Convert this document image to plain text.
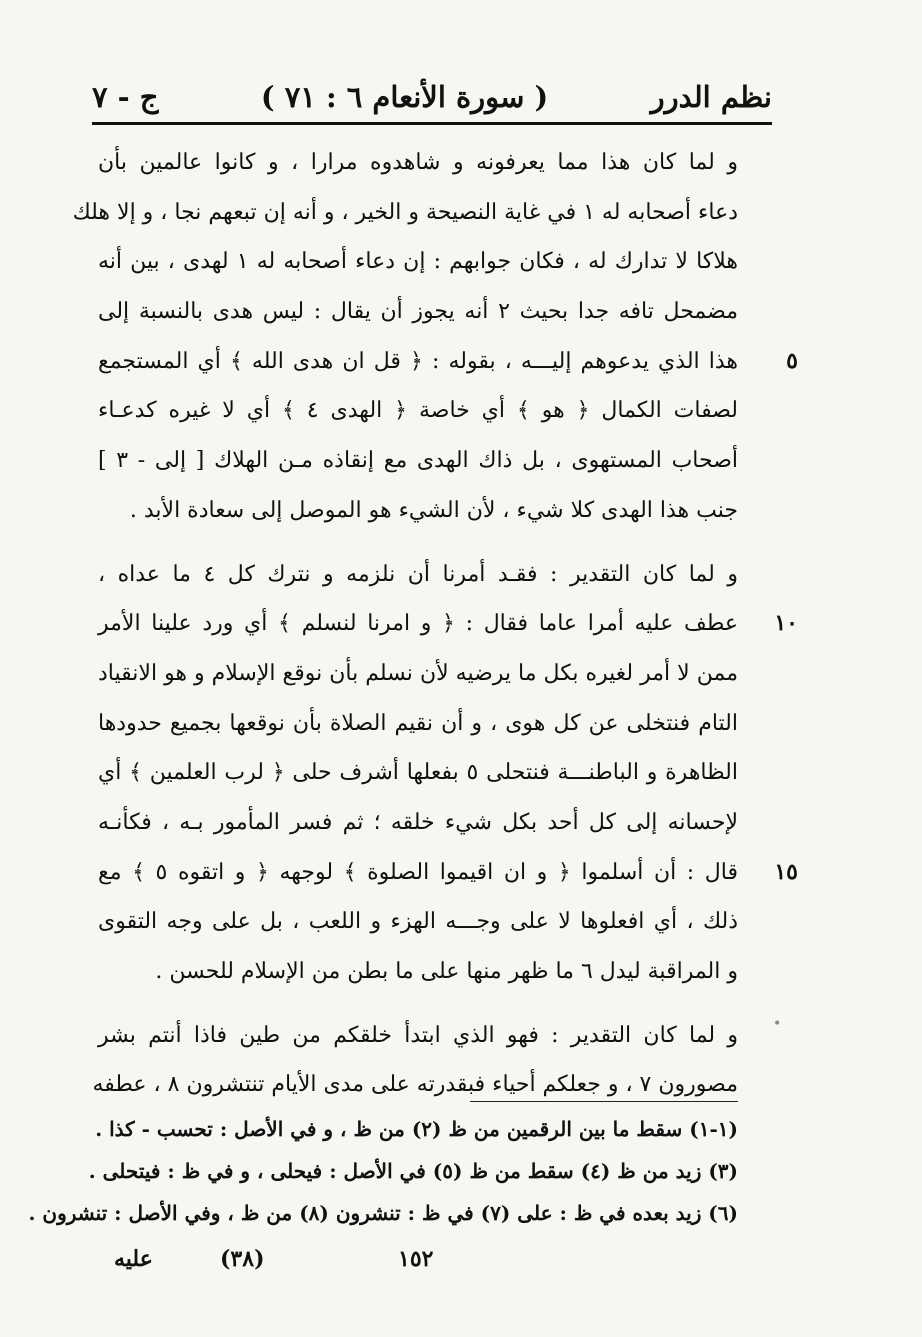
نظم الدرر
( سورة الأنعام ٦ : ٧١ )
ج - ٧
و لما كان هذا مما يعرفونه و شاهدوه مرارا ، و كانوا عالمين بأن
دعاء أصحابه له ١ في غاية النصيحة و الخير ، و أنه إن تبعهم نجا ، و إلا هلك
هلاكا لا تدارك له ، فكان جوابهم : إن دعاء أصحابه له ١ لهدى ، بين أنه
مضمحل تافه جدا بحيث ٢ أنه يجوز أن يقال : ليس هدى بالنسبة إلى
هذا الذي يدعوهم إليـــه ، بقوله : ﴿ قل ان هدى الله ﴾ أي المستجمع	٥
لصفات الكمال ﴿ هو ﴾ أي خاصة ﴿ الهدى ٤ ﴾ أي لا غيره كدعـاء
أصحاب المستهوى ، بل ذاك الهدى مع إنقاذه مـن الهلاك [ إلى - ٣ ]
جنب هذا الهدى كلا شيء ، لأن الشيء هو الموصل إلى سعادة الأبد .
و لما كان التقدير : فقـد أمرنا أن نلزمه و نترك كل ٤ ما عداه ،
عطف عليه أمرا عاما فقال : ﴿ و امرنا لنسلم ﴾ أي ورد علينا الأمر	١٠
ممن لا أمر لغيره بكل ما يرضيه لأن نسلم بأن نوقع الإسلام و هو الانقياد
التام فنتخلى عن كل هوى ، و أن نقيم الصلاة بأن نوقعها بجميع حدودها
الظاهرة و الباطنـــة فنتحلى ٥ بفعلها أشرف حلى ﴿ لرب العلمين ﴾ أي
لإحسانه إلى كل أحد بكل شيء خلقه ؛ ثم فسر المأمور بـه ، فكأنـه
قال : أن أسلموا ﴿ و ان اقيموا الصلوة ﴾ لوجهه ﴿ و اتقوه ٥ ﴾ مع	١٥
ذلك ، أي افعلوها لا على وجـــه الهزء و اللعب ، بل على وجه التقوى
و المراقبة ليدل ٦ ما ظهر منها على ما بطن من الإسلام للحسن .
و لما كان التقدير : فهو الذي ابتدأ خلقكم من طين فاذا أنتم بشر
مصورون ٧ ، و جعلكم أحياء فبقدرته على مدى الأيام تنتشرون ٨ ، عطفه
(١-١) سقط ما بين الرقمين من ظ (٢) من ظ ، و في الأصل : تحسب - كذا .
(٣) زيد من ظ (٤) سقط من ظ (٥) في الأصل : فيحلى ، و في ظ : فيتحلى .
(٦) زيد بعده في ظ : على (٧) في ظ : تنشرون (٨) من ظ ، وفي الأصل : تنشرون .
عليه	(٣٨)	١٥٢
•
